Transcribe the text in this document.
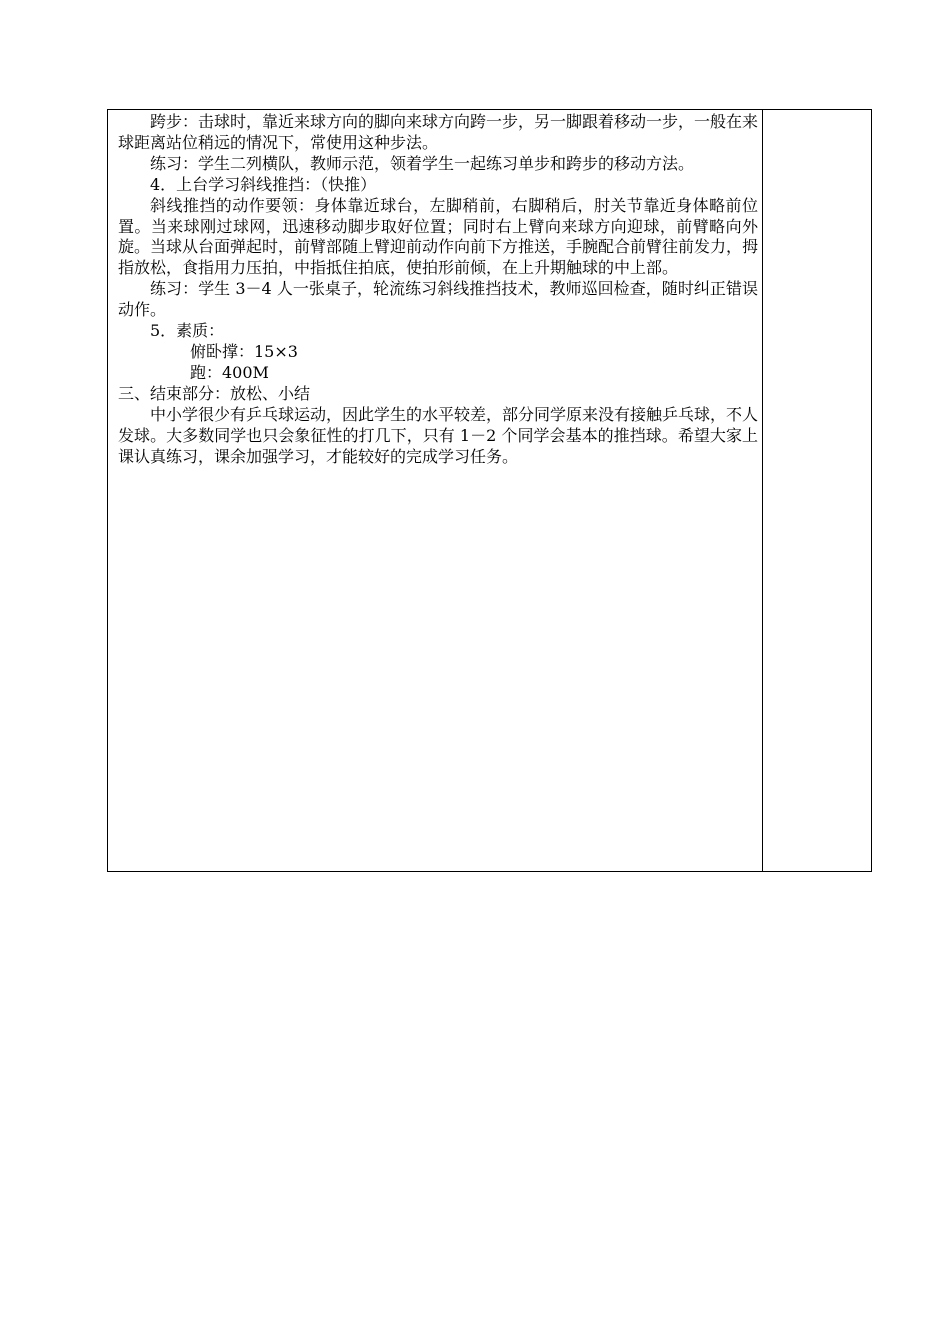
跨步：击球时，靠近来球方向的脚向来球方向跨一步，另一脚跟着移动一步，一般在来球距离站位稍远的情况下，常使用这种步法。

练习：学生二列横队，教师示范，领着学生一起练习单步和跨步的移动方法。

4．上台学习斜线推挡：（快推）

斜线推挡的动作要领：身体靠近球台，左脚稍前，右脚稍后，肘关节靠近身体略前位置。当来球刚过球网，迅速移动脚步取好位置；同时右上臂向来球方向迎球，前臂略向外旋。当球从台面弹起时，前臂部随上臂迎前动作向前下方推送，手腕配合前臂往前发力，拇指放松，食指用力压拍，中指抵住拍底，使拍形前倾，在上升期触球的中上部。

练习：学生 3－4 人一张桌子，轮流练习斜线推挡技术，教师巡回检查，随时纠正错误动作。

5．素质：

俯卧撑：15×3

跑：400M

三、结束部分：放松、小结

中小学很少有乒乓球运动，因此学生的水平较差，部分同学原来没有接触乒乓球，不人发球。大多数同学也只会象征性的打几下，只有 1－2 个同学会基本的推挡球。希望大家上课认真练习，课余加强学习，才能较好的完成学习任务。
